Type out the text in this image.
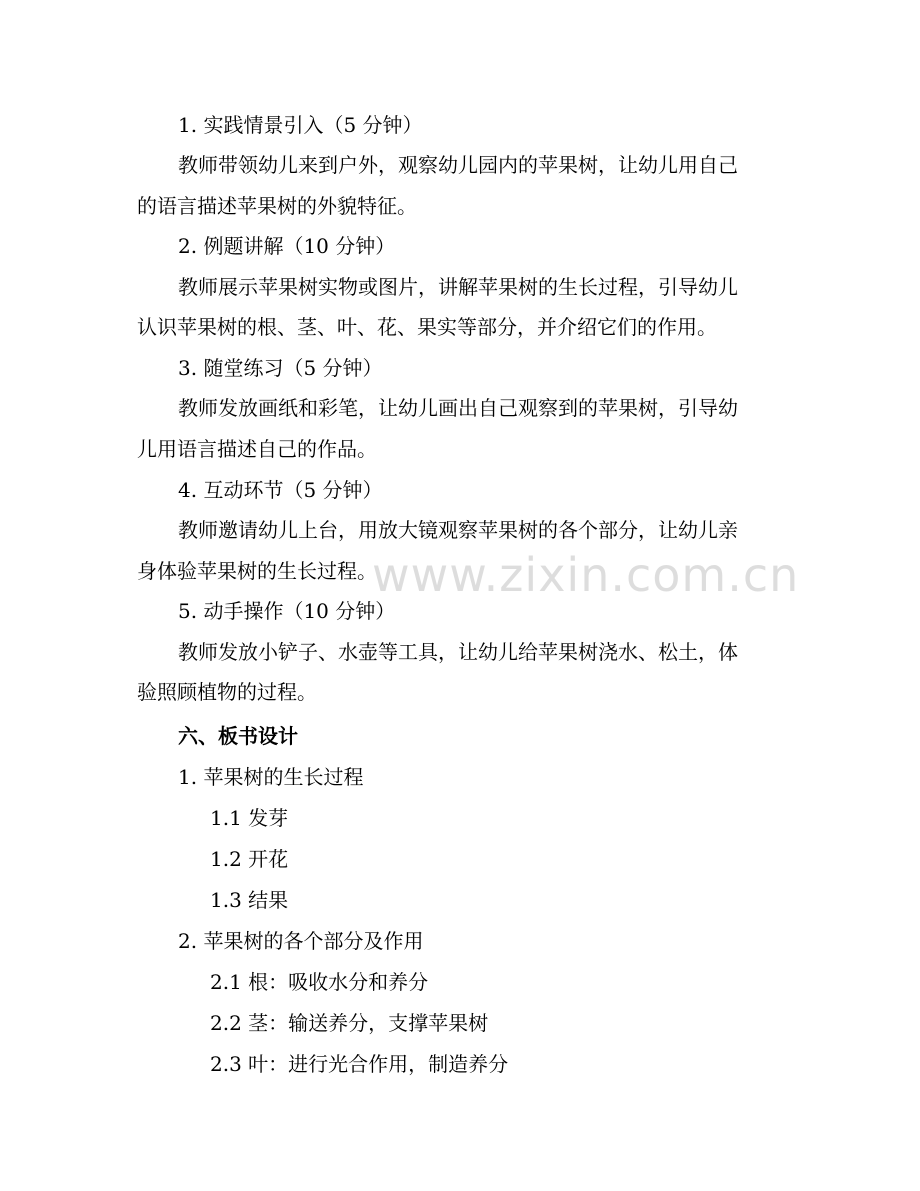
1. 实践情景引入（5 分钟）
教师带领幼儿来到户外，观察幼儿园内的苹果树，让幼儿用自己
的语言描述苹果树的外貌特征。
2. 例题讲解（10 分钟）
教师展示苹果树实物或图片，讲解苹果树的生长过程，引导幼儿
认识苹果树的根、茎、叶、花、果实等部分，并介绍它们的作用。
3. 随堂练习（5 分钟）
教师发放画纸和彩笔，让幼儿画出自己观察到的苹果树，引导幼
儿用语言描述自己的作品。
4. 互动环节（5 分钟）
教师邀请幼儿上台，用放大镜观察苹果树的各个部分，让幼儿亲
身体验苹果树的生长过程。
5. 动手操作（10 分钟）
教师发放小铲子、水壶等工具，让幼儿给苹果树浇水、松土，体
验照顾植物的过程。
六、板书设计
1. 苹果树的生长过程
1.1 发芽
1.2 开花
1.3 结果
2. 苹果树的各个部分及作用
2.1 根：吸收水分和养分
2.2 茎：输送养分，支撑苹果树
2.3 叶：进行光合作用，制造养分
www.zixin.com.cn
